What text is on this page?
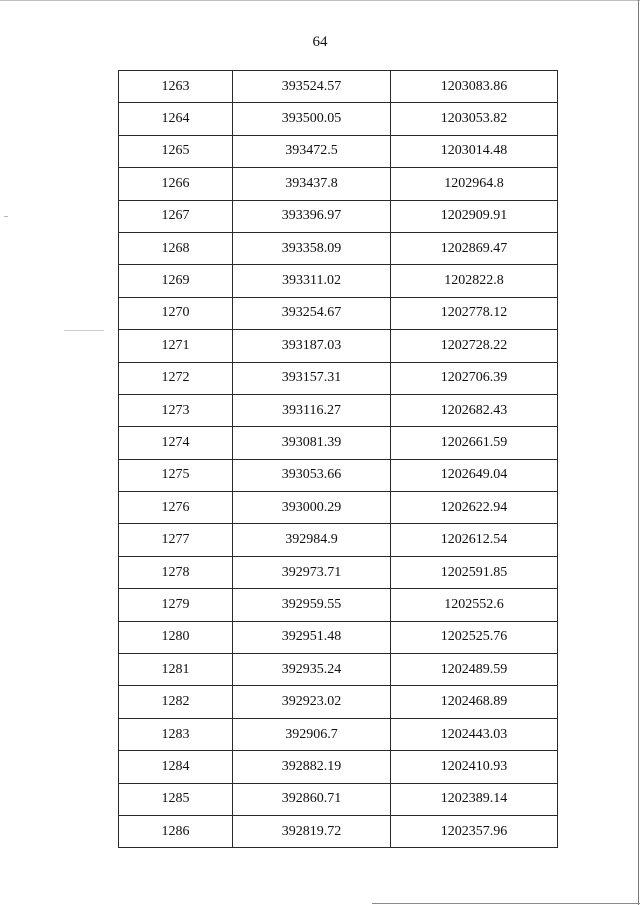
64
1263	393524.57	1203083.86
1264	393500.05	1203053.82
1265	393472.5	1203014.48
1266	393437.8	1202964.8
1267	393396.97	1202909.91
1268	393358.09	1202869.47
1269	393311.02	1202822.8
1270	393254.67	1202778.12
1271	393187.03	1202728.22
1272	393157.31	1202706.39
1273	393116.27	1202682.43
1274	393081.39	1202661.59
1275	393053.66	1202649.04
1276	393000.29	1202622.94
1277	392984.9	1202612.54
1278	392973.71	1202591.85
1279	392959.55	1202552.6
1280	392951.48	1202525.76
1281	392935.24	1202489.59
1282	392923.02	1202468.89
1283	392906.7	1202443.03
1284	392882.19	1202410.93
1285	392860.71	1202389.14
1286	392819.72	1202357.96
